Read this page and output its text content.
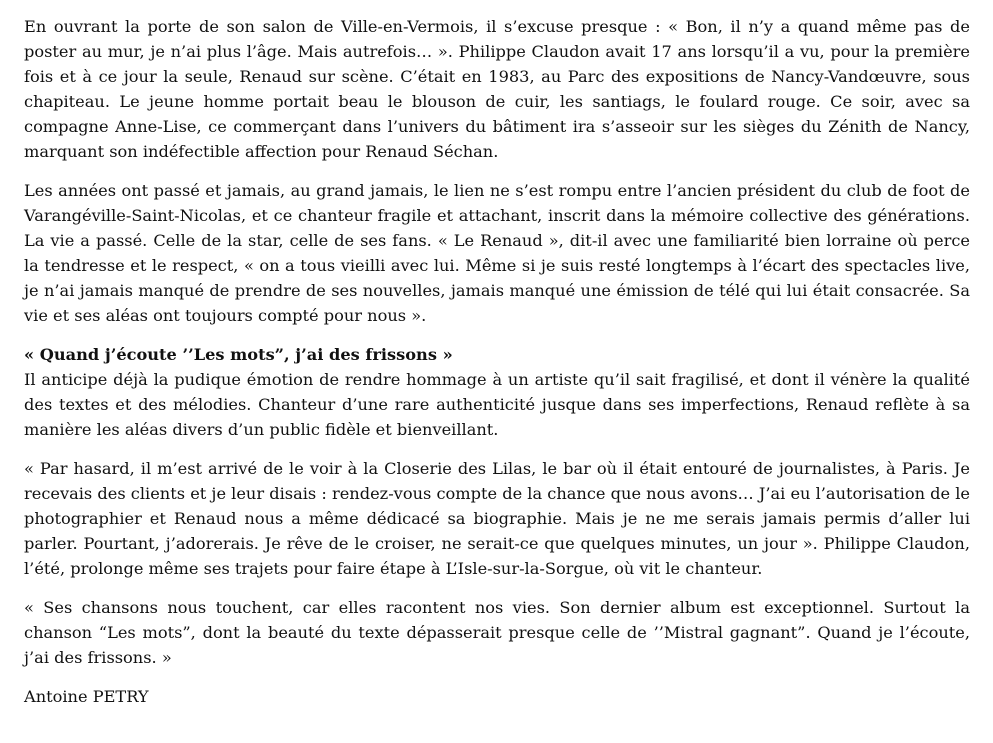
En ouvrant la porte de son salon de Ville-en-Vermois, il s’excuse presque : « Bon, il n’y a quand même pas de poster au mur, je n’ai plus l’âge. Mais autrefois… ». Philippe Claudon avait 17 ans lorsqu’il a vu, pour la première fois et à ce jour la seule, Renaud sur scène. C’était en 1983, au Parc des expositions de Nancy-Vandœuvre, sous chapiteau. Le jeune homme portait beau le blouson de cuir, les santiags, le foulard rouge. Ce soir, avec sa compagne Anne-Lise, ce commerçant dans l’univers du bâtiment ira s’asseoir sur les sièges du Zénith de Nancy, marquant son indéfectible affection pour Renaud Séchan.

Les années ont passé et jamais, au grand jamais, le lien ne s’est rompu entre l’ancien président du club de foot de Varangéville-Saint-Nicolas, et ce chanteur fragile et attachant, inscrit dans la mémoire collective des générations. La vie a passé. Celle de la star, celle de ses fans. « Le Renaud », dit-il avec une familiarité bien lorraine où perce la tendresse et le respect, « on a tous vieilli avec lui. Même si je suis resté longtemps à l’écart des spectacles live, je n’ai jamais manqué de prendre de ses nouvelles, jamais manqué une émission de télé qui lui était consacrée. Sa vie et ses aléas ont toujours compté pour nous ».

« Quand j’écoute ’’Les mots”, j’ai des frissons »

Il anticipe déjà la pudique émotion de rendre hommage à un artiste qu’il sait fragilisé, et dont il vénère la qualité des textes et des mélodies. Chanteur d’une rare authenticité jusque dans ses imperfections, Renaud reflète à sa manière les aléas divers d’un public fidèle et bienveillant.

« Par hasard, il m’est arrivé de le voir à la Closerie des Lilas, le bar où il était entouré de journalistes, à Paris. Je recevais des clients et je leur disais : rendez-vous compte de la chance que nous avons… J’ai eu l’autorisation de le photographier et Renaud nous a même dédicacé sa biographie. Mais je ne me serais jamais permis d’aller lui parler. Pourtant, j’adorerais. Je rêve de le croiser, ne serait-ce que quelques minutes, un jour ». Philippe Claudon, l’été, prolonge même ses trajets pour faire étape à L’Isle-sur-la-Sorgue, où vit le chanteur.

« Ses chansons nous touchent, car elles racontent nos vies. Son dernier album est exceptionnel. Surtout la chanson “Les mots”, dont la beauté du texte dépasserait presque celle de ’’Mistral gagnant”. Quand je l’écoute, j’ai des frissons. »

Antoine PETRY
